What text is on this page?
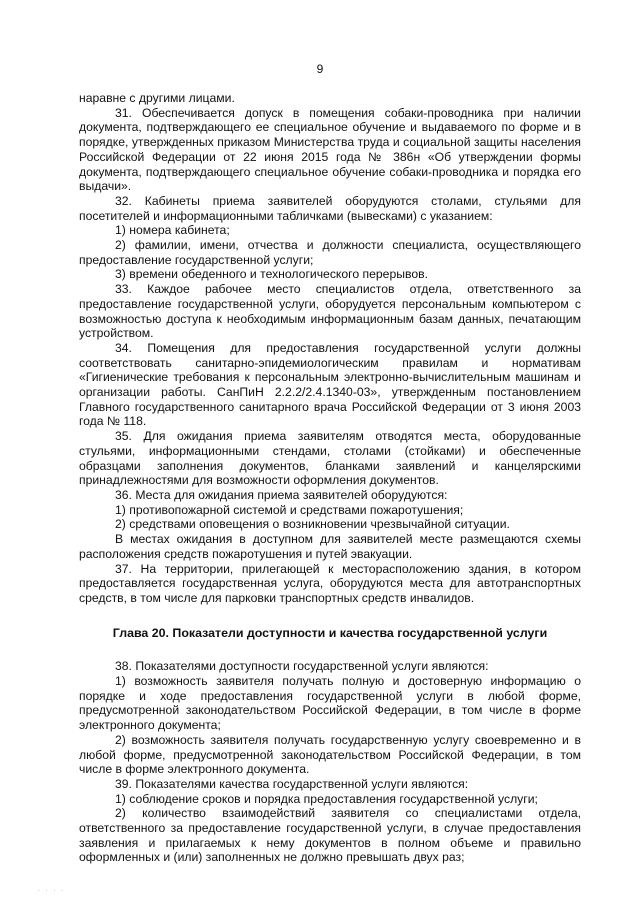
9

наравне с другими лицами.

31. Обеспечивается допуск в помещения собаки-проводника при наличии документа, подтверждающего ее специальное обучение и выдаваемого по форме и в порядке, утвержденных приказом Министерства труда и социальной защиты населения Российской Федерации от 22 июня 2015 года № 386н «Об утверждении формы документа, подтверждающего специальное обучение собаки-проводника и порядка его выдачи».

32. Кабинеты приема заявителей оборудуются столами, стульями для посетителей и информационными табличками (вывесками) с указанием:

1) номера кабинета;

2) фамилии, имени, отчества и должности специалиста, осуществляющего предоставление государственной услуги;

3) времени обеденного и технологического перерывов.

33. Каждое рабочее место специалистов отдела, ответственного за предоставление государственной услуги, оборудуется персональным компьютером с возможностью доступа к необходимым информационным базам данных, печатающим устройством.

34. Помещения для предоставления государственной услуги должны соответствовать санитарно-эпидемиологическим правилам и нормативам «Гигиенические требования к персональным электронно-вычислительным машинам и организации работы. СанПиН 2.2.2/2.4.1340-03», утвержденным постановлением Главного государственного санитарного врача Российской Федерации от 3 июня 2003 года № 118.

35. Для ожидания приема заявителям отводятся места, оборудованные стульями, информационными стендами, столами (стойками) и обеспеченные образцами заполнения документов, бланками заявлений и канцелярскими принадлежностями для возможности оформления документов.

36. Места для ожидания приема заявителей оборудуются:

1) противопожарной системой и средствами пожаротушения;

2) средствами оповещения о возникновении чрезвычайной ситуации.

В местах ожидания в доступном для заявителей месте размещаются схемы расположения средств пожаротушения и путей эвакуации.

37. На территории, прилегающей к месторасположению здания, в котором предоставляется государственная услуга, оборудуются места для автотранспортных средств, в том числе для парковки транспортных средств инвалидов.

Глава 20. Показатели доступности и качества государственной услуги

38. Показателями доступности государственной услуги являются:

1) возможность заявителя получать полную и достоверную информацию о порядке и ходе предоставления государственной услуги в любой форме, предусмотренной законодательством Российской Федерации, в том числе в форме электронного документа;

2) возможность заявителя получать государственную услугу своевременно и в любой форме, предусмотренной законодательством Российской Федерации, в том числе в форме электронного документа.

39. Показателями качества государственной услуги являются:

1) соблюдение сроков и порядка предоставления государственной услуги;

2) количество взаимодействий заявителя со специалистами отдела, ответственного за предоставление государственной услуги, в случае предоставления заявления и прилагаемых к нему документов в полном объеме и правильно оформленных и (или) заполненных не должно превышать двух раз;

· · · ·
